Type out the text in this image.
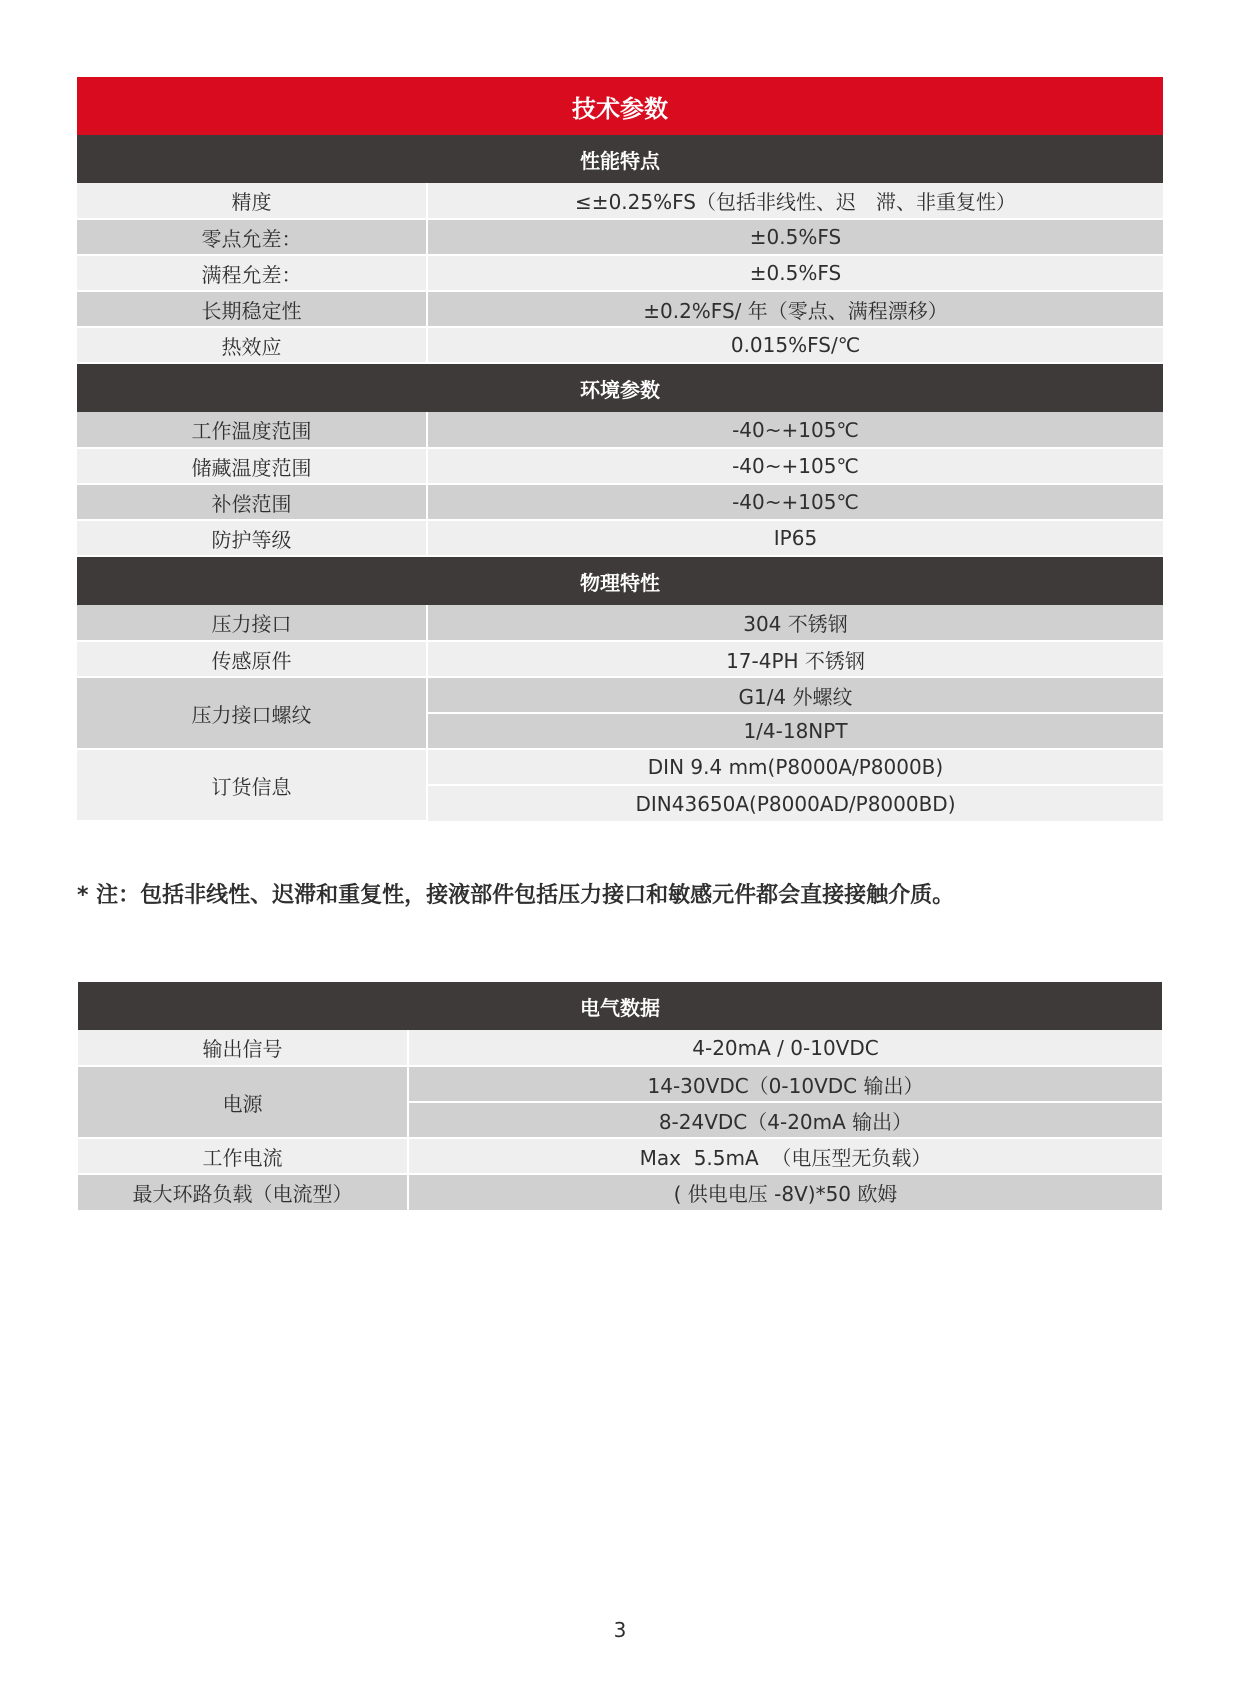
技术参数	
性能特点	
精度	≤±0.25%FS（包括非线性、迟　滞、非重复性）
零点允差：	±0.5%FS
满程允差：	±0.5%FS
长期稳定性	±0.2%FS/ 年（零点、满程漂移）
热效应	0.015%FS/℃
环境参数	
工作温度范围	-40~+105℃
储藏温度范围	-40~+105℃
补偿范围	-40~+105℃
防护等级	IP65
物理特性	
压力接口	304 不锈钢
传感原件	17-4PH 不锈钢
压力接口螺纹	G1/4 外螺纹
	1/4-18NPT
订货信息	DIN 9.4 mm(P8000A/P8000B)
	DIN43650A(P8000AD/P8000BD)
* 注：包括非线性、迟滞和重复性，接液部件包括压力接口和敏感元件都会直接接触介质。
电气数据	
输出信号	4-20mA / 0-10VDC
电源	14-30VDC（0-10VDC 输出）
	8-24VDC（4-20mA 输出）
工作电流	Max  5.5mA  （电压型无负载）
最大环路负载（电流型）	( 供电电压 -8V)*50 欧姆
3
